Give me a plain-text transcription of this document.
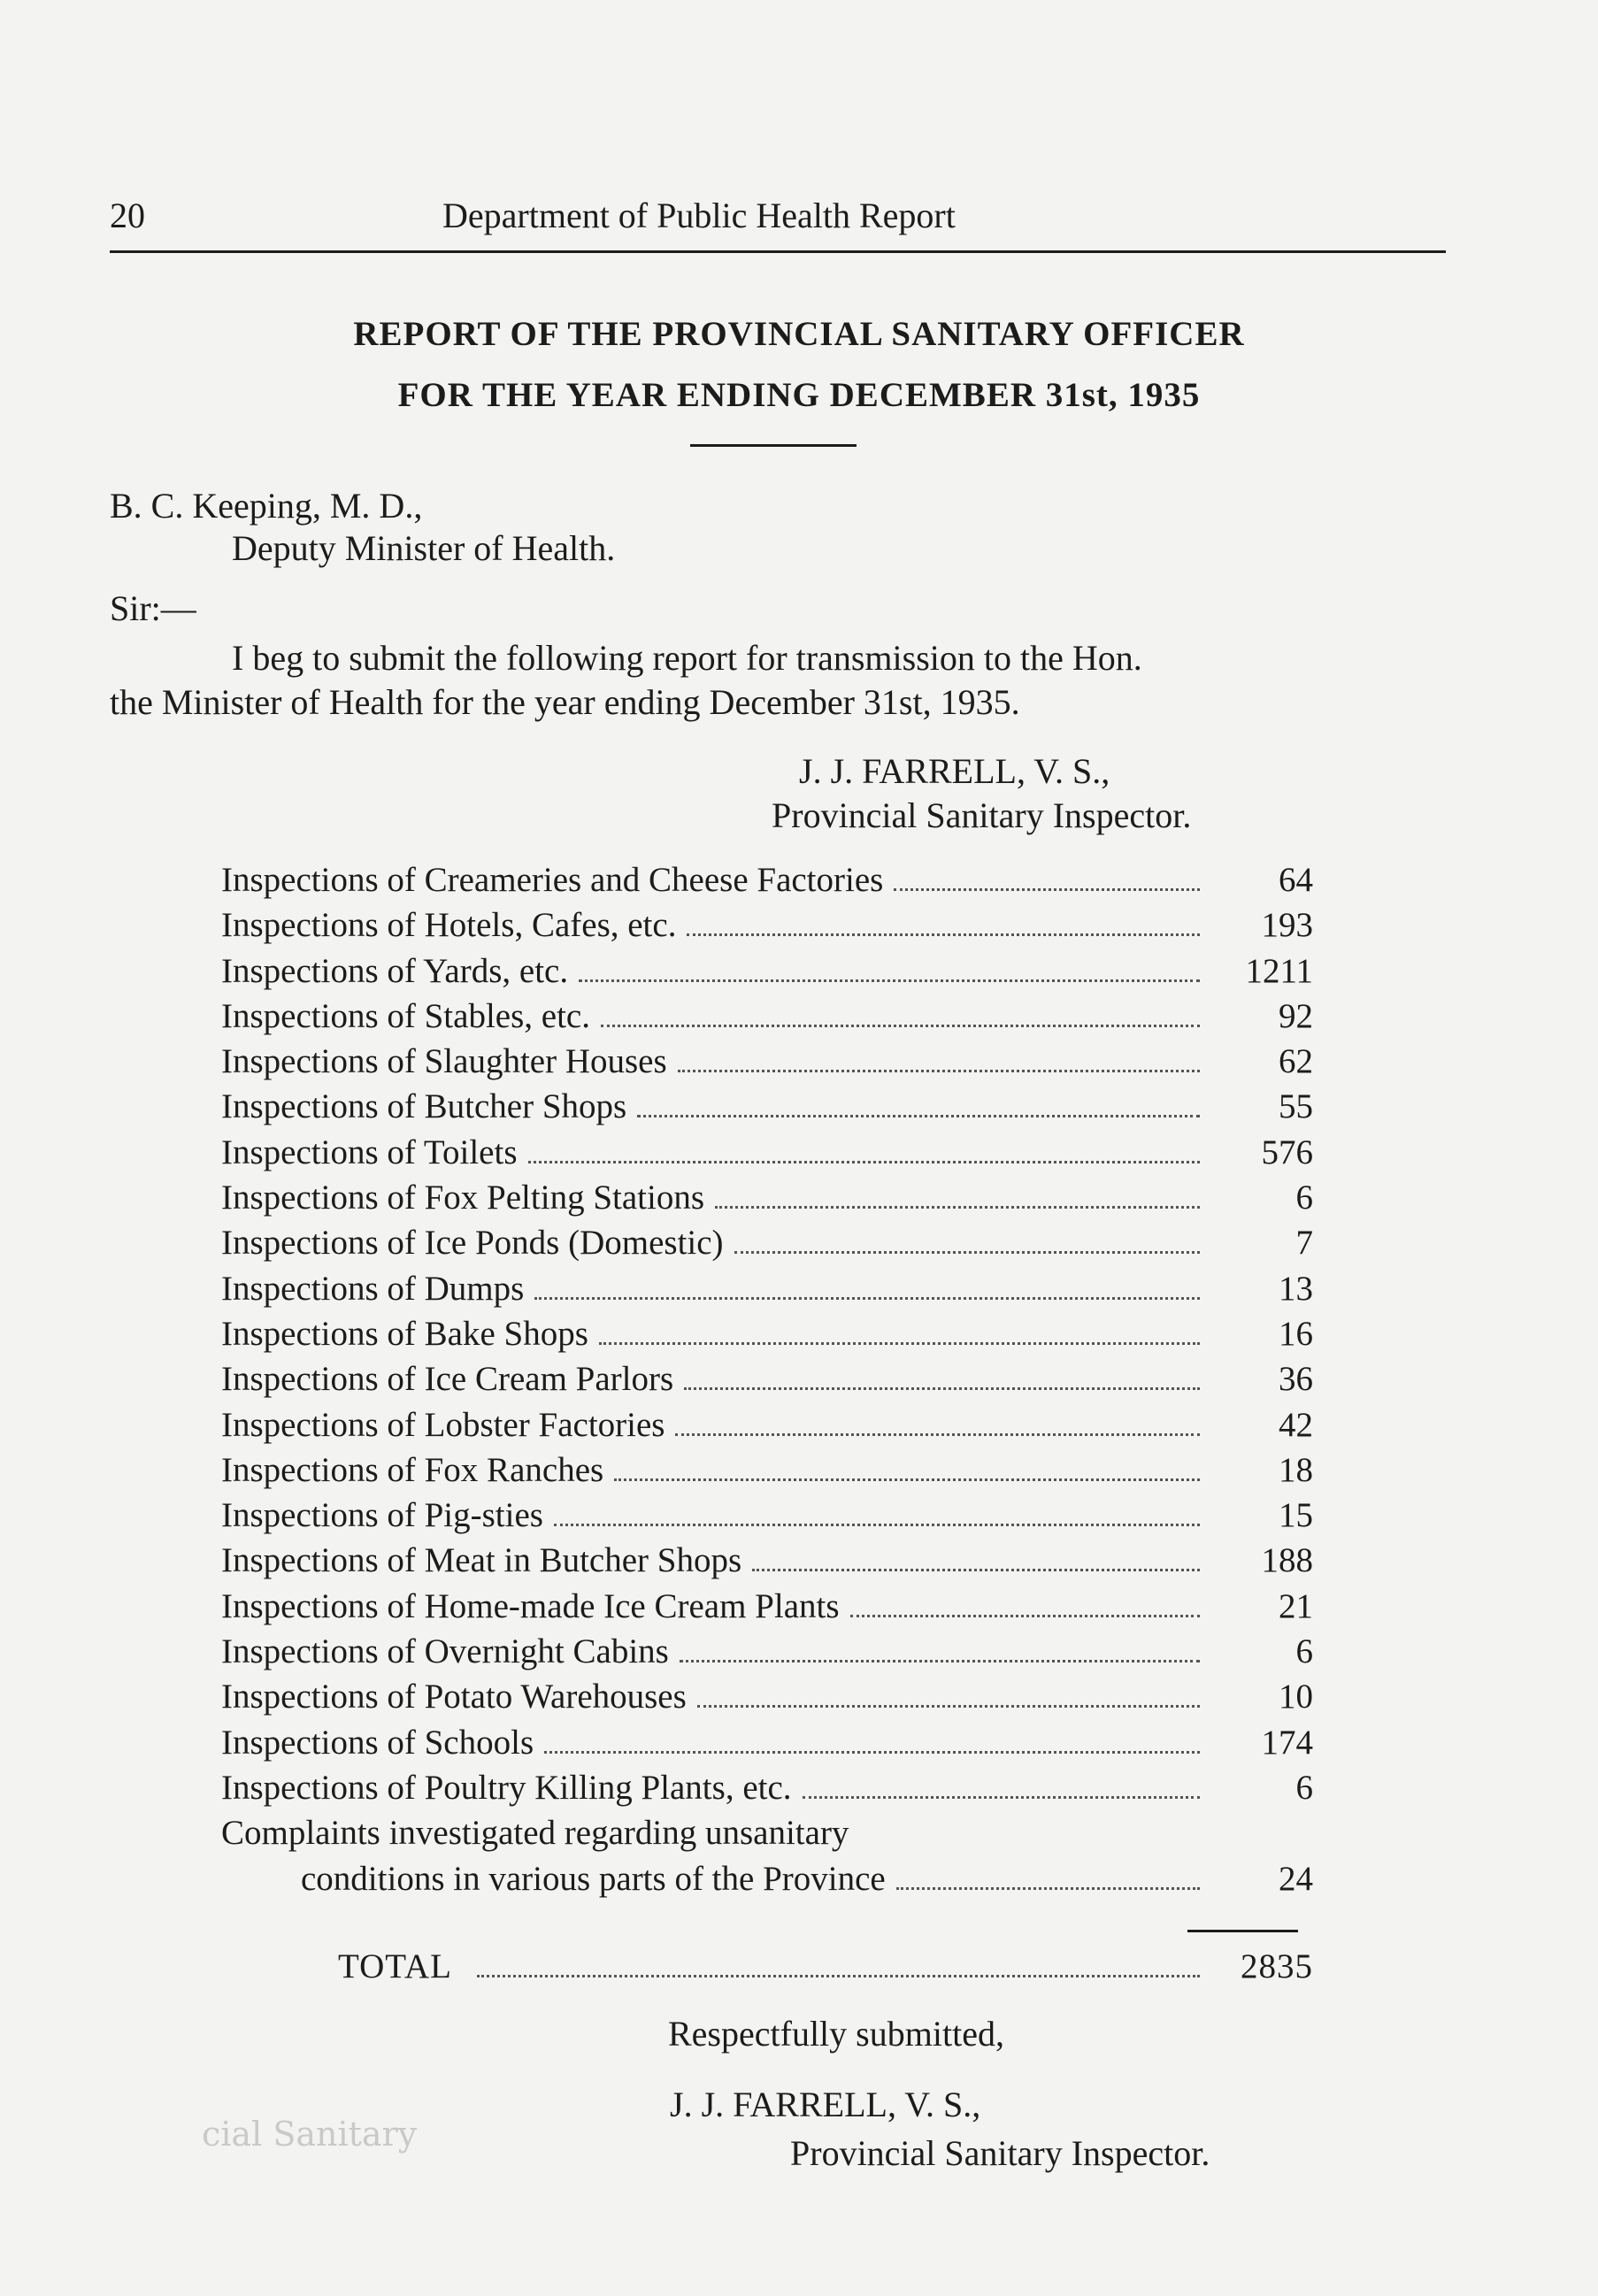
20	Department of Public Health Report
REPORT OF THE PROVINCIAL SANITARY OFFICER
FOR THE YEAR ENDING DECEMBER 31st, 1935
B. C. Keeping, M. D.,
Deputy Minister of Health.
Sir:—
I beg to submit the following report for transmission to the Hon.
the Minister of Health for the year ending December 31st, 1935.
J. J. FARRELL, V. S.,
Provincial Sanitary Inspector.
Inspections of Creameries and Cheese Factories	64
Inspections of Hotels, Cafes, etc.	193
Inspections of Yards, etc.	1211
Inspections of Stables, etc.	92
Inspections of Slaughter Houses	62
Inspections of Butcher Shops	55
Inspections of Toilets	576
Inspections of Fox Pelting Stations	6
Inspections of Ice Ponds (Domestic)	7
Inspections of Dumps	13
Inspections of Bake Shops	16
Inspections of Ice Cream Parlors	36
Inspections of Lobster Factories	42
Inspections of Fox Ranches	18
Inspections of Pig-sties	15
Inspections of Meat in Butcher Shops	188
Inspections of Home-made Ice Cream Plants	21
Inspections of Overnight Cabins	6
Inspections of Potato Warehouses	10
Inspections of Schools	174
Inspections of Poultry Killing Plants, etc.	6
Complaints investigated regarding unsanitary
conditions in various parts of the Province	24
TOTAL	2835
Respectfully submitted,
J. J. FARRELL, V. S.,
Provincial Sanitary Inspector.
cial Sanitary
